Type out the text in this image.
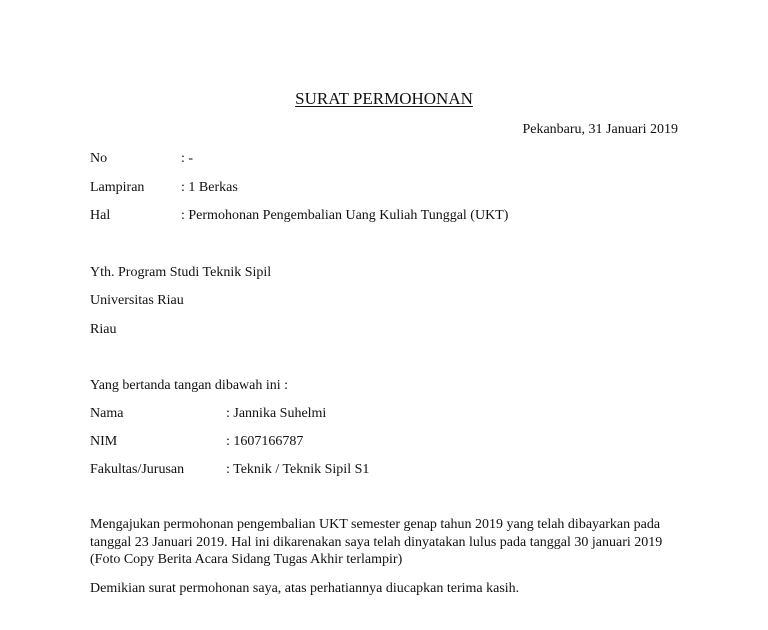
SURAT PERMOHONAN
Pekanbaru, 31 Januari 2019
No	: -
Lampiran	: 1 Berkas
Hal	: Permohonan Pengembalian Uang Kuliah Tunggal (UKT)
Yth. Program Studi Teknik Sipil
Universitas Riau
Riau
Yang bertanda tangan dibawah ini :
Nama	: Jannika Suhelmi
NIM	: 1607166787
Fakultas/Jurusan	: Teknik / Teknik Sipil S1
Mengajukan permohonan pengembalian UKT semester genap tahun 2019 yang telah dibayarkan pada
tanggal 23 Januari 2019. Hal ini dikarenakan saya telah dinyatakan lulus pada tanggal 30 januari 2019
(Foto Copy Berita Acara Sidang Tugas Akhir terlampir)
Demikian surat permohonan saya, atas perhatiannya diucapkan terima kasih.
